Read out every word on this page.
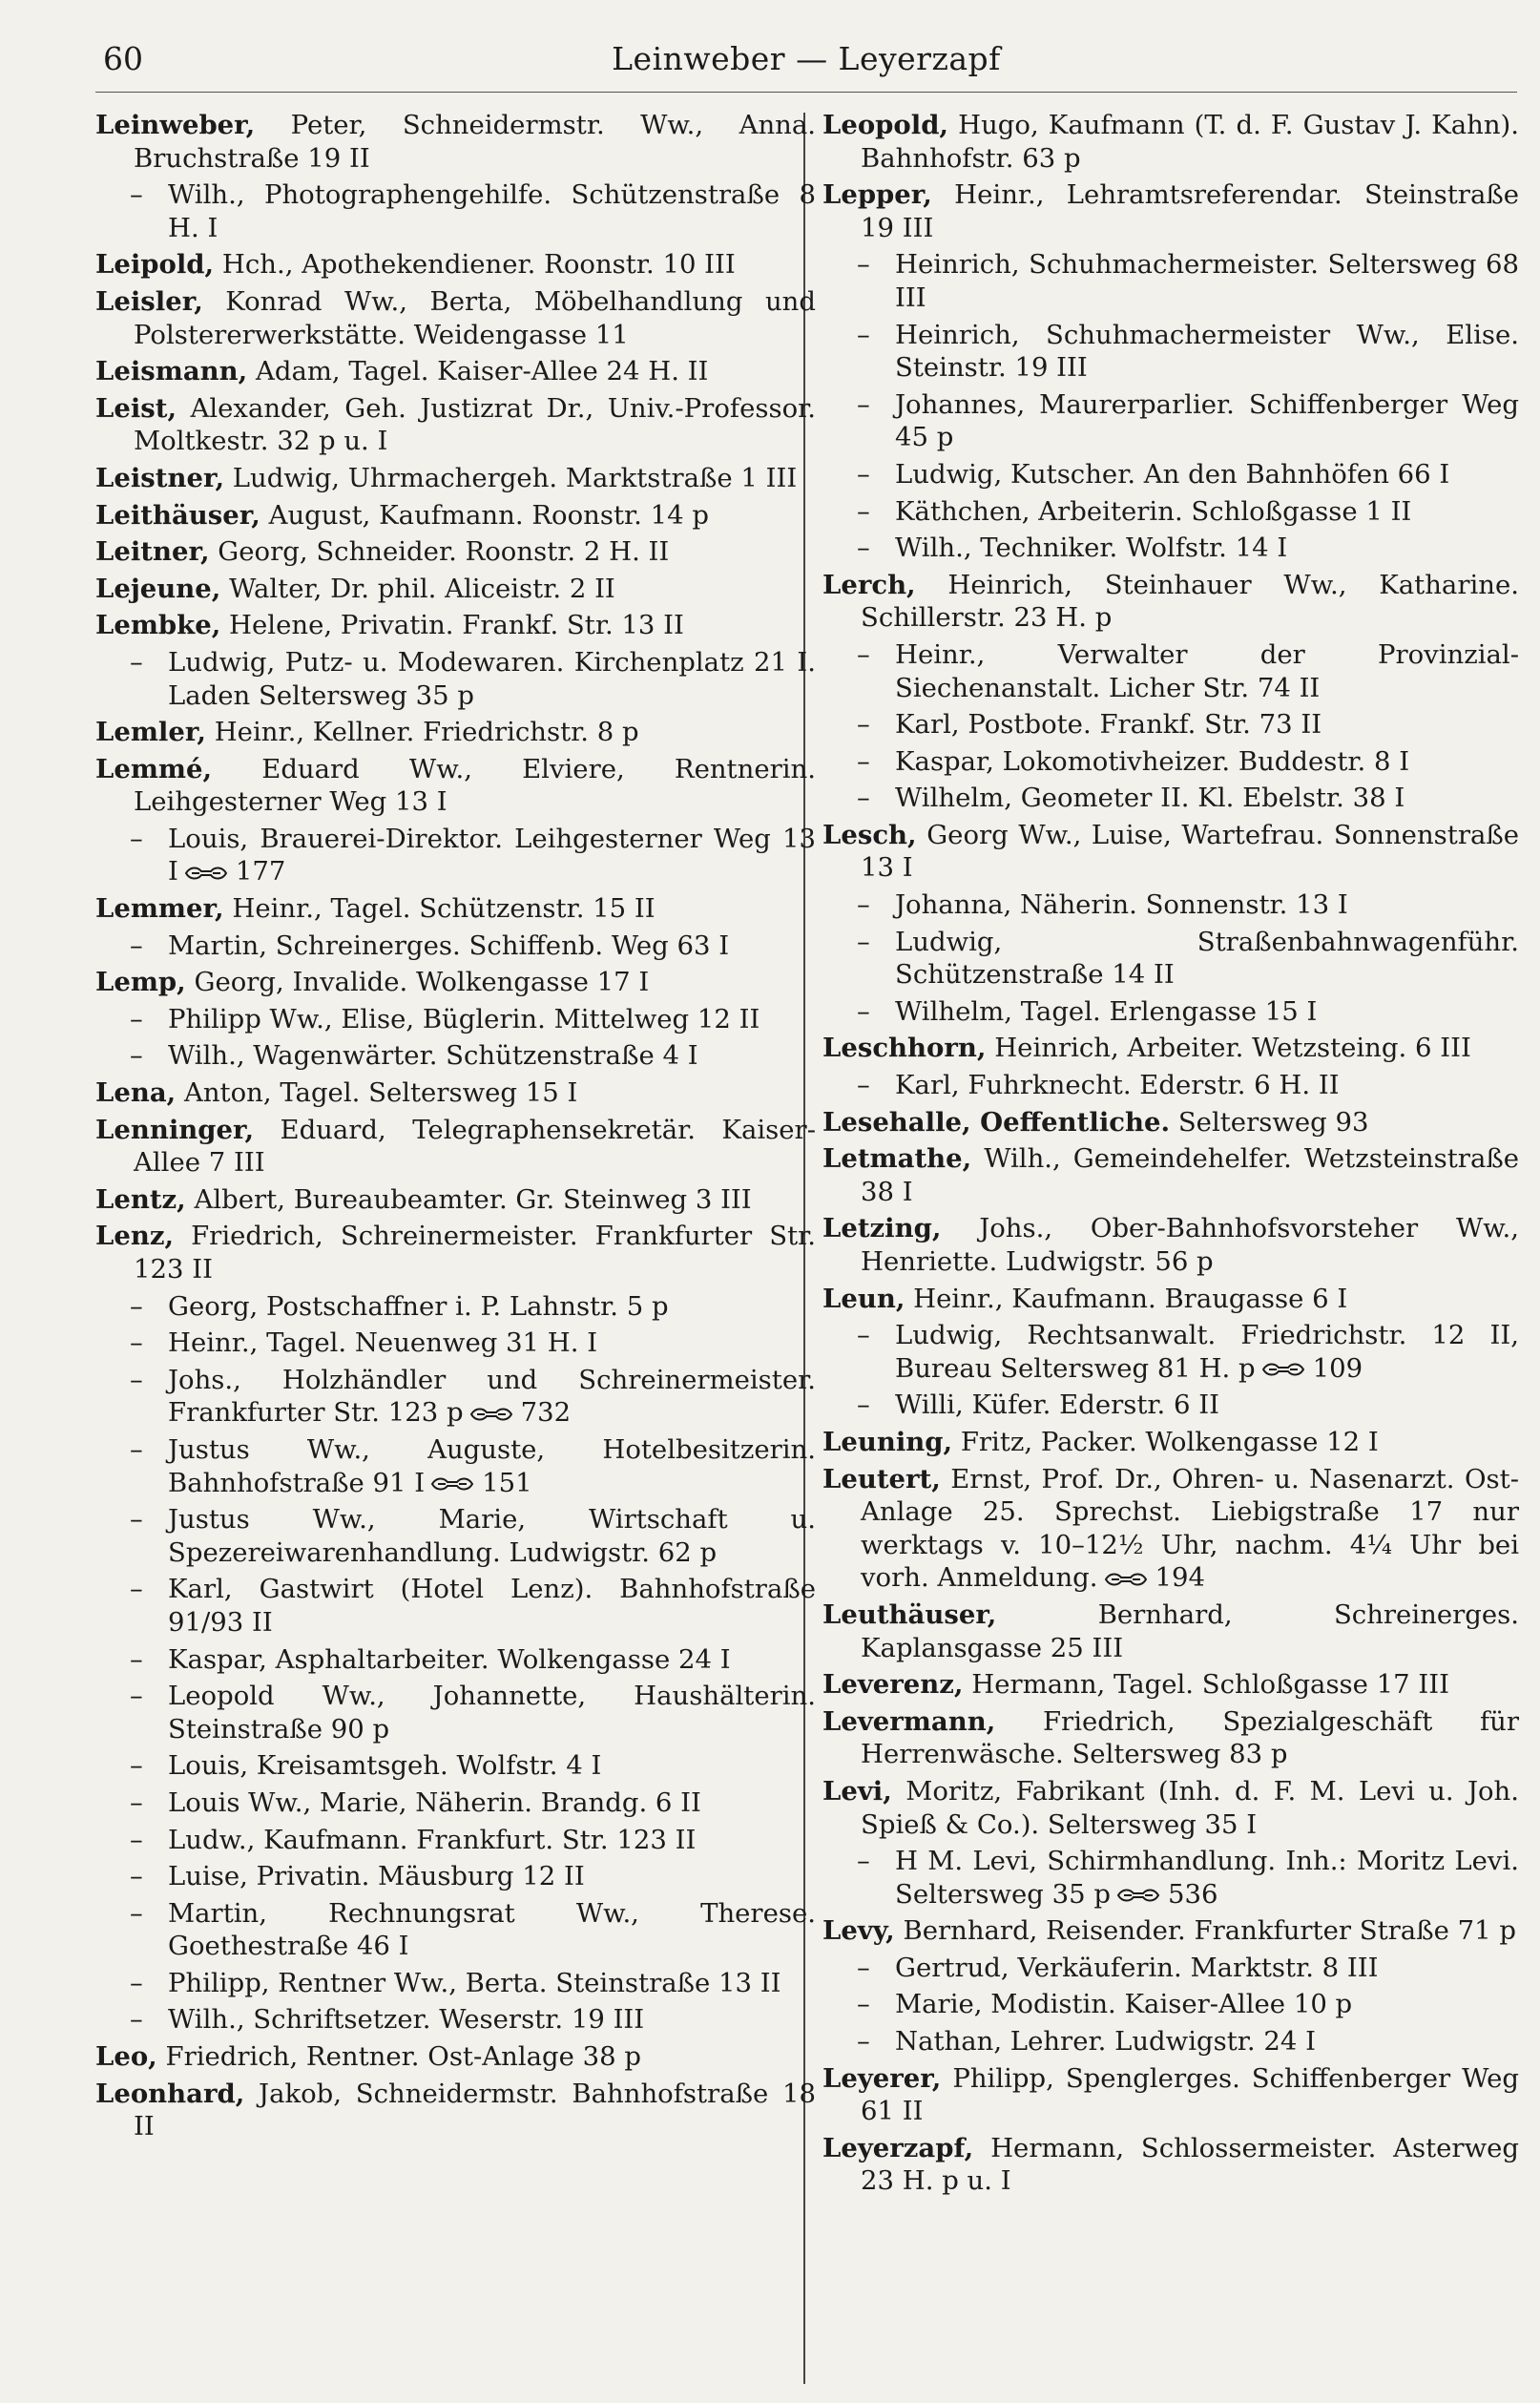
60	Leinweber — Leyerzapf

Leinweber, Peter, Schneidermstr. Ww., Anna. Bruchstraße 19 II

– Wilh., Photographengehilfe. Schützenstraße 8 H. I

Leipold, Hch., Apothekendiener. Roonstr. 10 III

Leisler, Konrad Ww., Berta, Möbelhandlung und Polstererwerkstätte. Weidengasse 11

Leismann, Adam, Tagel. Kaiser-Allee 24 H. II

Leist, Alexander, Geh. Justizrat Dr., Univ.-Professor. Moltkestr. 32 p u. I

Leistner, Ludwig, Uhrmachergeh. Marktstraße 1 III

Leithäuser, August, Kaufmann. Roonstr. 14 p

Leitner, Georg, Schneider. Roonstr. 2 H. II

Lejeune, Walter, Dr. phil. Aliceistr. 2 II

Lembke, Helene, Privatin. Frankf. Str. 13 II

– Ludwig, Putz- u. Modewaren. Kirchenplatz 21 I. Laden Seltersweg 35 p

Lemler, Heinr., Kellner. Friedrichstr. 8 p

Lemmé, Eduard Ww., Elviere, Rentnerin. Leihgesterner Weg 13 I

– Louis, Brauerei-Direktor. Leihgesterner Weg 13 I 177

Lemmer, Heinr., Tagel. Schützenstr. 15 II

– Martin, Schreinerges. Schiffenb. Weg 63 I

Lemp, Georg, Invalide. Wolkengasse 17 I

– Philipp Ww., Elise, Büglerin. Mittelweg 12 II

– Wilh., Wagenwärter. Schützenstraße 4 I

Lena, Anton, Tagel. Seltersweg 15 I

Lenninger, Eduard, Telegraphensekretär. Kaiser-Allee 7 III

Lentz, Albert, Bureaubeamter. Gr. Steinweg 3 III

Lenz, Friedrich, Schreinermeister. Frankfurter Str. 123 II

– Georg, Postschaffner i. P. Lahnstr. 5 p

– Heinr., Tagel. Neuenweg 31 H. I

– Johs., Holzhändler und Schreinermeister. Frankfurter Str. 123 p 732

– Justus Ww., Auguste, Hotelbesitzerin. Bahnhofstraße 91 I 151

– Justus Ww., Marie, Wirtschaft u. Spezereiwarenhandlung. Ludwigstr. 62 p

– Karl, Gastwirt (Hotel Lenz). Bahnhofstraße 91/93 II

– Kaspar, Asphaltarbeiter. Wolkengasse 24 I

– Leopold Ww., Johannette, Haushälterin. Steinstraße 90 p

– Louis, Kreisamtsgeh. Wolfstr. 4 I

– Louis Ww., Marie, Näherin. Brandg. 6 II

– Ludw., Kaufmann. Frankfurt. Str. 123 II

– Luise, Privatin. Mäusburg 12 II

– Martin, Rechnungsrat Ww., Therese. Goethestraße 46 I

– Philipp, Rentner Ww., Berta. Steinstraße 13 II

– Wilh., Schriftsetzer. Weserstr. 19 III

Leo, Friedrich, Rentner. Ost-Anlage 38 p

Leonhard, Jakob, Schneidermstr. Bahnhofstraße 18 II

Leopold, Hugo, Kaufmann (T. d. F. Gustav J. Kahn). Bahnhofstr. 63 p

Lepper, Heinr., Lehramtsreferendar. Steinstraße 19 III

– Heinrich, Schuhmachermeister. Seltersweg 68 III

– Heinrich, Schuhmachermeister Ww., Elise. Steinstr. 19 III

– Johannes, Maurerparlier. Schiffenberger Weg 45 p

– Ludwig, Kutscher. An den Bahnhöfen 66 I

– Käthchen, Arbeiterin. Schloßgasse 1 II

– Wilh., Techniker. Wolfstr. 14 I

Lerch, Heinrich, Steinhauer Ww., Katharine. Schillerstr. 23 H. p

– Heinr., Verwalter der Provinzial-Siechenanstalt. Licher Str. 74 II

– Karl, Postbote. Frankf. Str. 73 II

– Kaspar, Lokomotivheizer. Buddestr. 8 I

– Wilhelm, Geometer II. Kl. Ebelstr. 38 I

Lesch, Georg Ww., Luise, Wartefrau. Sonnenstraße 13 I

– Johanna, Näherin. Sonnenstr. 13 I

– Ludwig, Straßenbahnwagenführ. Schützenstraße 14 II

– Wilhelm, Tagel. Erlengasse 15 I

Leschhorn, Heinrich, Arbeiter. Wetzsteing. 6 III

– Karl, Fuhrknecht. Ederstr. 6 H. II

Lesehalle, Oeffentliche. Seltersweg 93

Letmathe, Wilh., Gemeindehelfer. Wetzsteinstraße 38 I

Letzing, Johs., Ober-Bahnhofsvorsteher Ww., Henriette. Ludwigstr. 56 p

Leun, Heinr., Kaufmann. Braugasse 6 I

– Ludwig, Rechtsanwalt. Friedrichstr. 12 II, Bureau Seltersweg 81 H. p 109

– Willi, Küfer. Ederstr. 6 II

Leuning, Fritz, Packer. Wolkengasse 12 I

Leutert, Ernst, Prof. Dr., Ohren- u. Nasenarzt. Ost-Anlage 25. Sprechst. Liebigstraße 17 nur werktags v. 10–12½ Uhr, nachm. 4¼ Uhr bei vorh. Anmeldung. 194

Leuthäuser,	Bernhard, Schreinerges. Kaplansgasse 25 III

Leverenz, Hermann, Tagel. Schloßgasse 17 III

Levermann, Friedrich, Spezialgeschäft für Herrenwäsche. Seltersweg 83 p

Levi, Moritz, Fabrikant (Inh. d. F. M. Levi u. Joh. Spieß & Co.). Seltersweg 35 I

– H M. Levi, Schirmhandlung. Inh.: Moritz Levi. Seltersweg 35 p 536

Levy, Bernhard, Reisender. Frankfurter Straße 71 p

– Gertrud, Verkäuferin. Marktstr. 8 III

– Marie, Modistin. Kaiser-Allee 10 p

– Nathan, Lehrer. Ludwigstr. 24 I

Leyerer, Philipp, Spenglerges. Schiffenberger Weg 61 II

Leyerzapf, Hermann, Schlossermeister. Asterweg 23 H. p u. I
